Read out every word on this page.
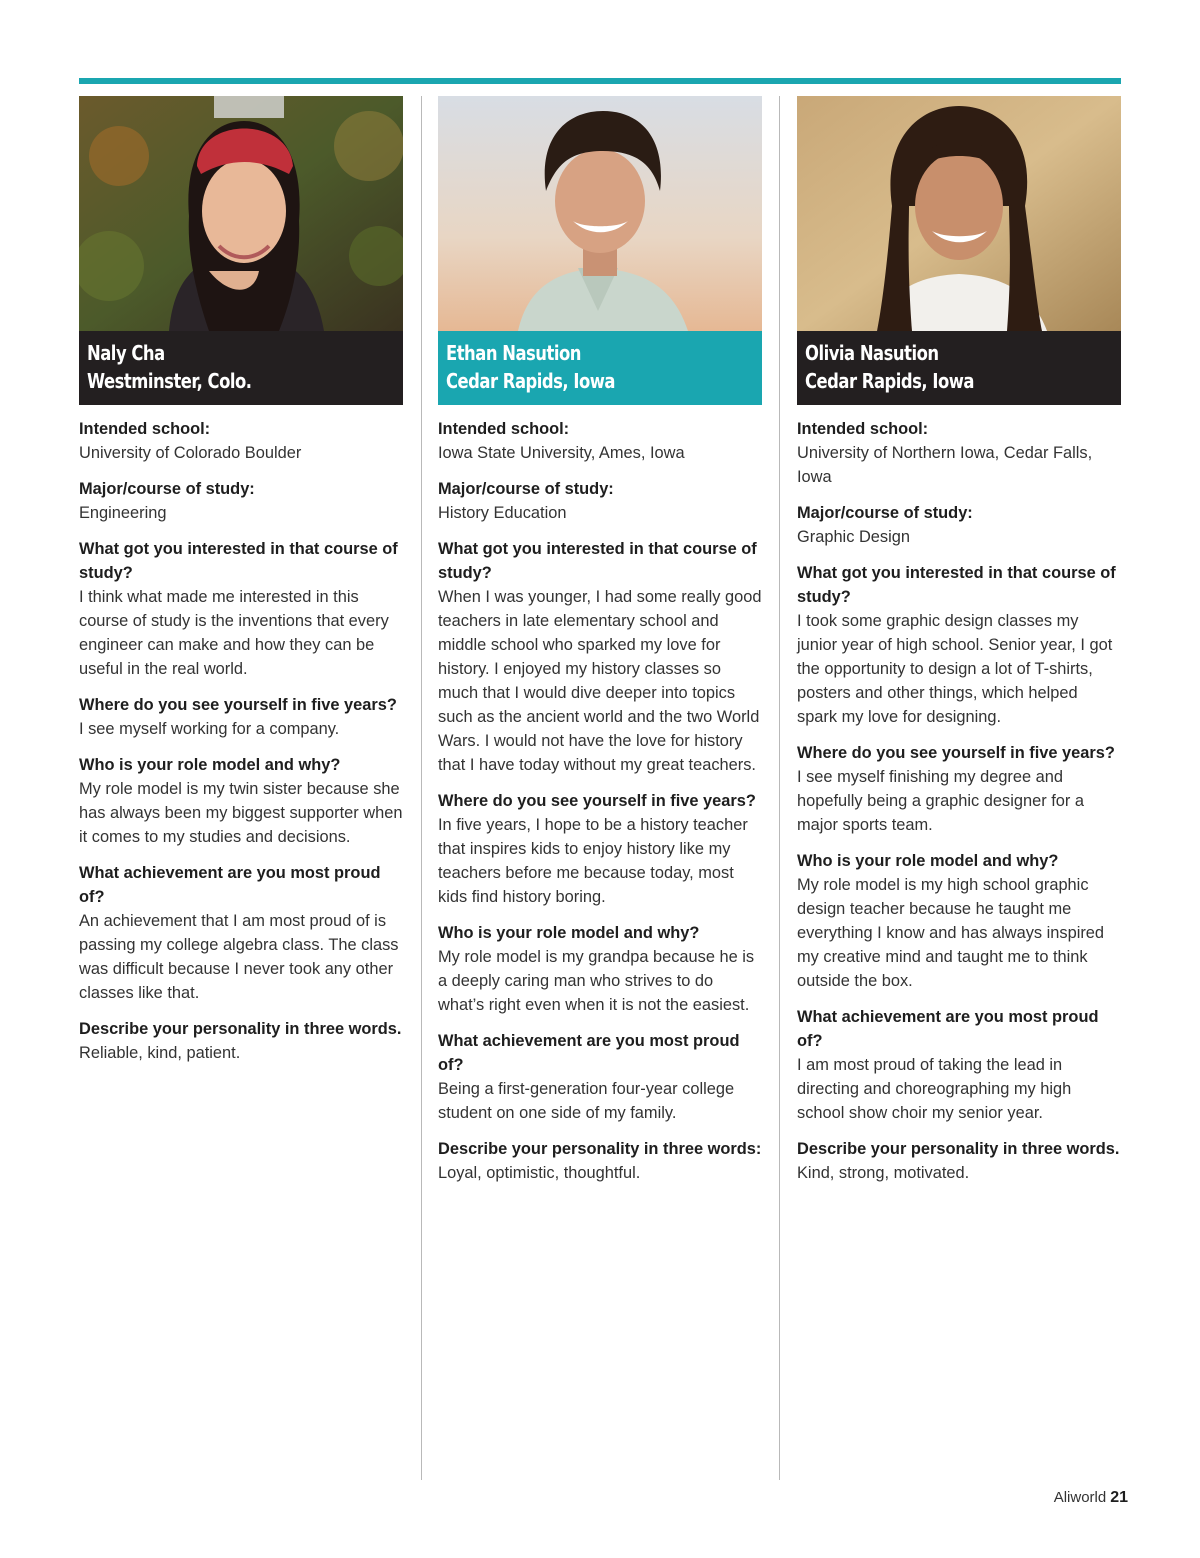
Naly Cha
Westminster, Colo.
Intended school:
University of Colorado Boulder
Major/course of study:
Engineering
What got you interested in that course of study?
I think what made me interested in this course of study is the inventions that every engineer can make and how they can be useful in the real world.
Where do you see yourself in five years?
I see myself working for a company.
Who is your role model and why?
My role model is my twin sister because she has always been my biggest supporter when it comes to my studies and decisions.
What achievement are you most proud of?
An achievement that I am most proud of is passing my college algebra class. The class was difficult because I never took any other classes like that.
Describe your personality in three words.
Reliable, kind, patient.
Ethan Nasution
Cedar Rapids, Iowa
Intended school:
Iowa State University, Ames, Iowa
Major/course of study:
History Education
What got you interested in that course of study?
When I was younger, I had some really good teachers in late elementary school and middle school who sparked my love for history. I enjoyed my history classes so much that I would dive deeper into topics such as the ancient world and the two World Wars. I would not have the love for history that I have today without my great teachers.
Where do you see yourself in five years?
In five years, I hope to be a history teacher that inspires kids to enjoy history like my teachers before me because today, most kids find history boring.
Who is your role model and why?
My role model is my grandpa because he is a deeply caring man who strives to do what’s right even when it is not the easiest.
What achievement are you most proud of?
Being a first-generation four-year college student on one side of my family.
Describe your personality in three words:
Loyal, optimistic, thoughtful.
Olivia Nasution
Cedar Rapids, Iowa
Intended school:
University of Northern Iowa, Cedar Falls, Iowa
Major/course of study:
Graphic Design
What got you interested in that course of study?
I took some graphic design classes my junior year of high school. Senior year, I got the opportunity to design a lot of T-shirts, posters and other things, which helped spark my love for designing.
Where do you see yourself in five years?
I see myself finishing my degree and hopefully being a graphic designer for a major sports team.
Who is your role model and why?
My role model is my high school graphic design teacher because he taught me everything I know and has always inspired my creative mind and taught me to think outside the box.
What achievement are you most proud of?
I am most proud of taking the lead in directing and choreographing my high school show choir my senior year.
Describe your personality in three words.
Kind, strong, motivated.
Aliworld 21
